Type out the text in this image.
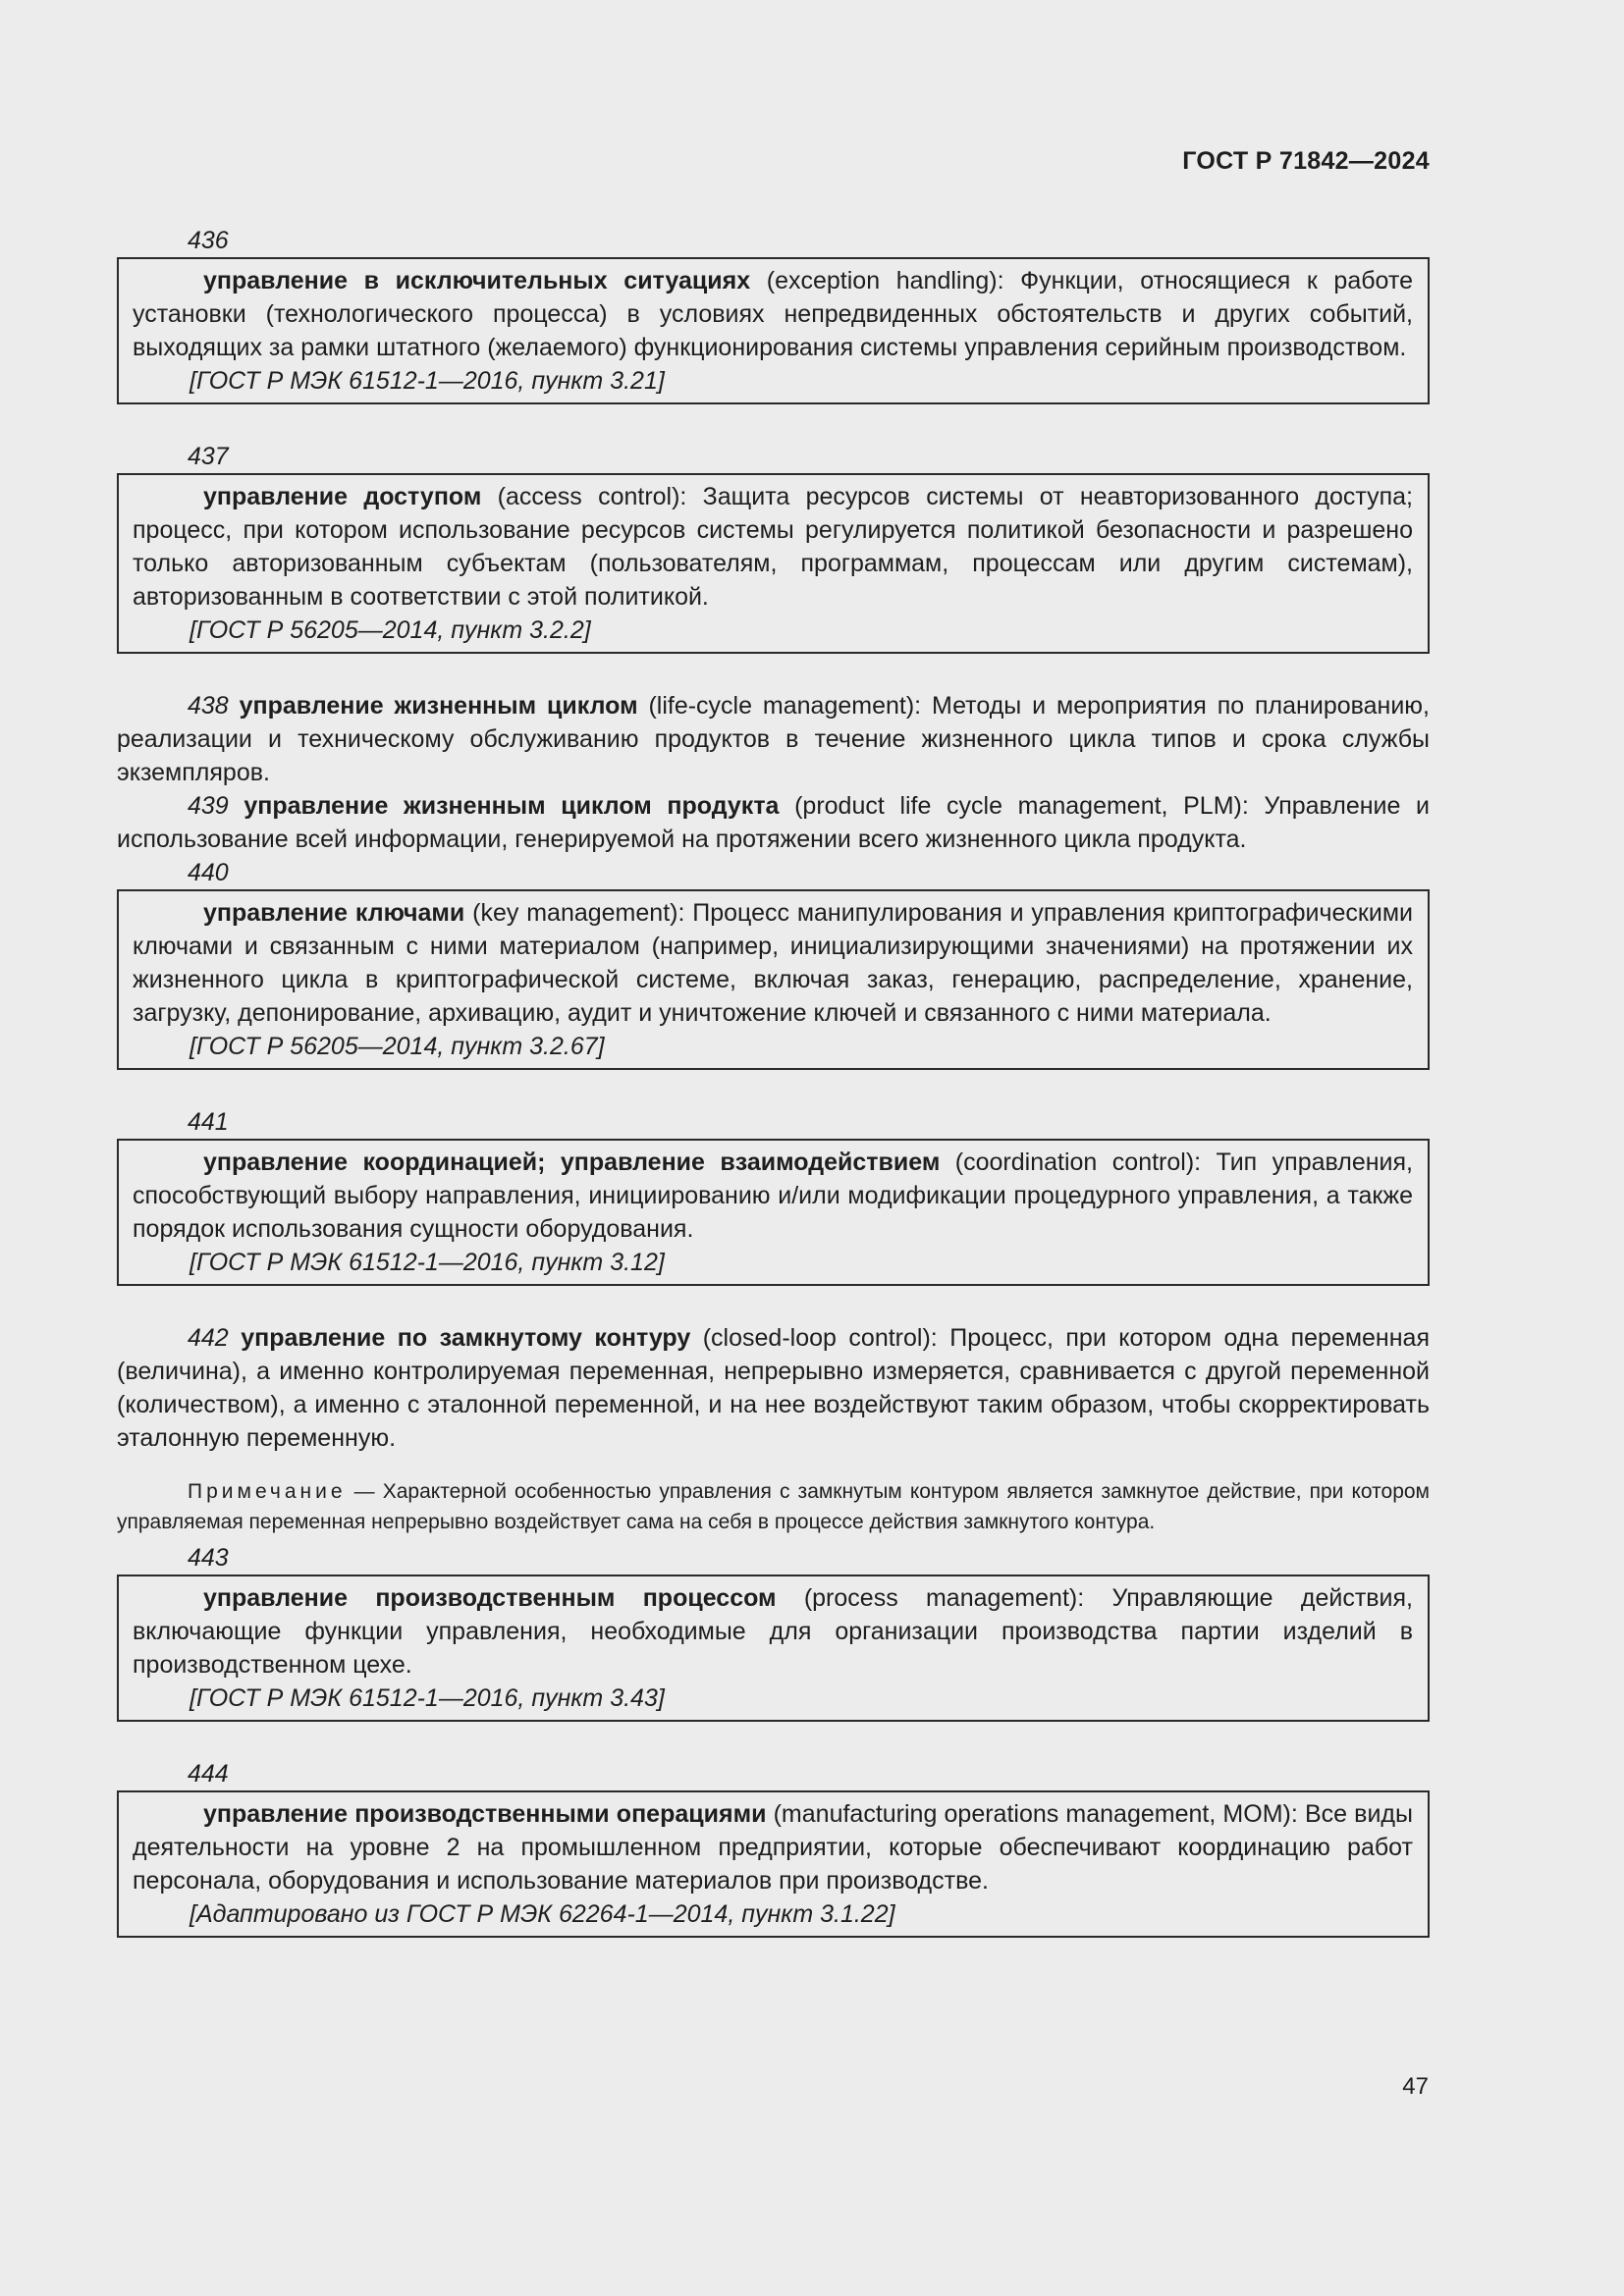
ГОСТ Р 71842—2024
436

управление в исключительных ситуациях (exception handling): Функции, относящиеся к работе установки (технологического процесса) в условиях непредвиденных обстоятельств и других событий, выходящих за рамки штатного (желаемого) функционирования системы управления серийным производством.

[ГОСТ Р МЭК 61512-1—2016, пункт 3.21]
437

управление доступом (access control): Защита ресурсов системы от неавторизованного доступа; процесс, при котором использование ресурсов системы регулируется политикой безопасности и разрешено только авторизованным субъектам (пользователям, программам, процессам или другим системам), авторизованным в соответствии с этой политикой.

[ГОСТ Р 56205—2014, пункт 3.2.2]

438 управление жизненным циклом (life-cycle management): Методы и мероприятия по планированию, реализации и техническому обслуживанию продуктов в течение жизненного цикла типов и срока службы экземпляров.

439 управление жизненным циклом продукта (product life cycle management, PLM): Управление и использование всей информации, генерируемой на протяжении всего жизненного цикла продукта.

440

управление ключами (key management): Процесс манипулирования и управления криптографическими ключами и связанным с ними материалом (например, инициализирующими значениями) на протяжении их жизненного цикла в криптографической системе, включая заказ, генерацию, распределение, хранение, загрузку, депонирование, архивацию, аудит и уничтожение ключей и связанного с ними материала.

[ГОСТ Р 56205—2014, пункт 3.2.67]
441

управление координацией; управление взаимодействием (coordination control): Тип управления, способствующий выбору направления, инициированию и/или модификации процедурного управления, а также порядок использования сущности оборудования.

[ГОСТ Р МЭК 61512-1—2016, пункт 3.12]

442 управление по замкнутому контуру (closed-loop control): Процесс, при котором одна переменная (величина), а именно контролируемая переменная, непрерывно измеряется, сравнивается с другой переменной (количеством), а именно с эталонной переменной, и на нее воздействуют таким образом, чтобы скорректировать эталонную переменную.

Примечание — Характерной особенностью управления с замкнутым контуром является замкнутое действие, при котором управляемая переменная непрерывно воздействует сама на себя в процессе действия замкнутого контура.

443

управление производственным процессом (process management): Управляющие действия, включающие функции управления, необходимые для организации производства партии изделий в производственном цехе.

[ГОСТ Р МЭК 61512-1—2016, пункт 3.43]
444

управление производственными операциями (manufacturing operations management, MOM): Все виды деятельности на уровне 2 на промышленном предприятии, которые обеспечивают координацию работ персонала, оборудования и использование материалов при производстве.

[Адаптировано из ГОСТ Р МЭК 62264-1—2014, пункт 3.1.22]
47
